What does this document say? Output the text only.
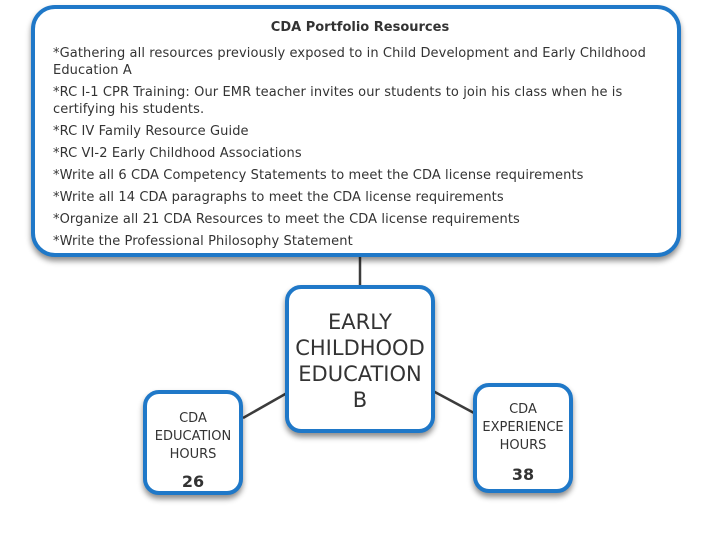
CDA Portfolio Resources
*Gathering all resources previously exposed to in Child Development and Early Childhood Education A
*RC I-1 CPR Training: Our EMR teacher invites our students to join his class when he is certifying his students.
*RC IV Family Resource Guide
*RC VI-2 Early Childhood Associations
*Write all 6 CDA Competency Statements to meet the CDA license requirements
*Write all 14 CDA paragraphs to meet the CDA license requirements
*Organize all 21 CDA Resources to meet the CDA license requirements
*Write the Professional Philosophy Statement
EARLY CHILDHOOD EDUCATION B
CDA EDUCATION HOURS
26
CDA EXPERIENCE HOURS
38
